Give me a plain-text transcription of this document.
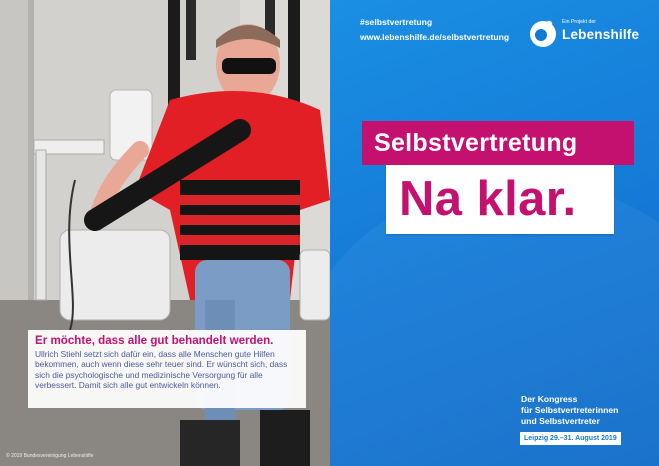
Er möchte, dass alle gut behandelt werden.
Ullrich Stiehl setzt sich dafür ein, dass alle Menschen gute Hilfen bekommen, auch wenn diese sehr teuer sind. Er wünscht sich, dass sich die psychologische und medizinische Versorgung für alle verbessert. Damit sich alle gut entwickeln können.
© 2019 Bundesvereinigung Lebenshilfe
#selbstvertretung
www.lebenshilfe.de/selbstvertretung
Ein Projekt der
Lebenshilfe
Selbstvertretung
Na klar.
Der Kongress
für Selbstvertreterinnen
und Selbstvertreter
Leipzig 29.–31. August 2019
